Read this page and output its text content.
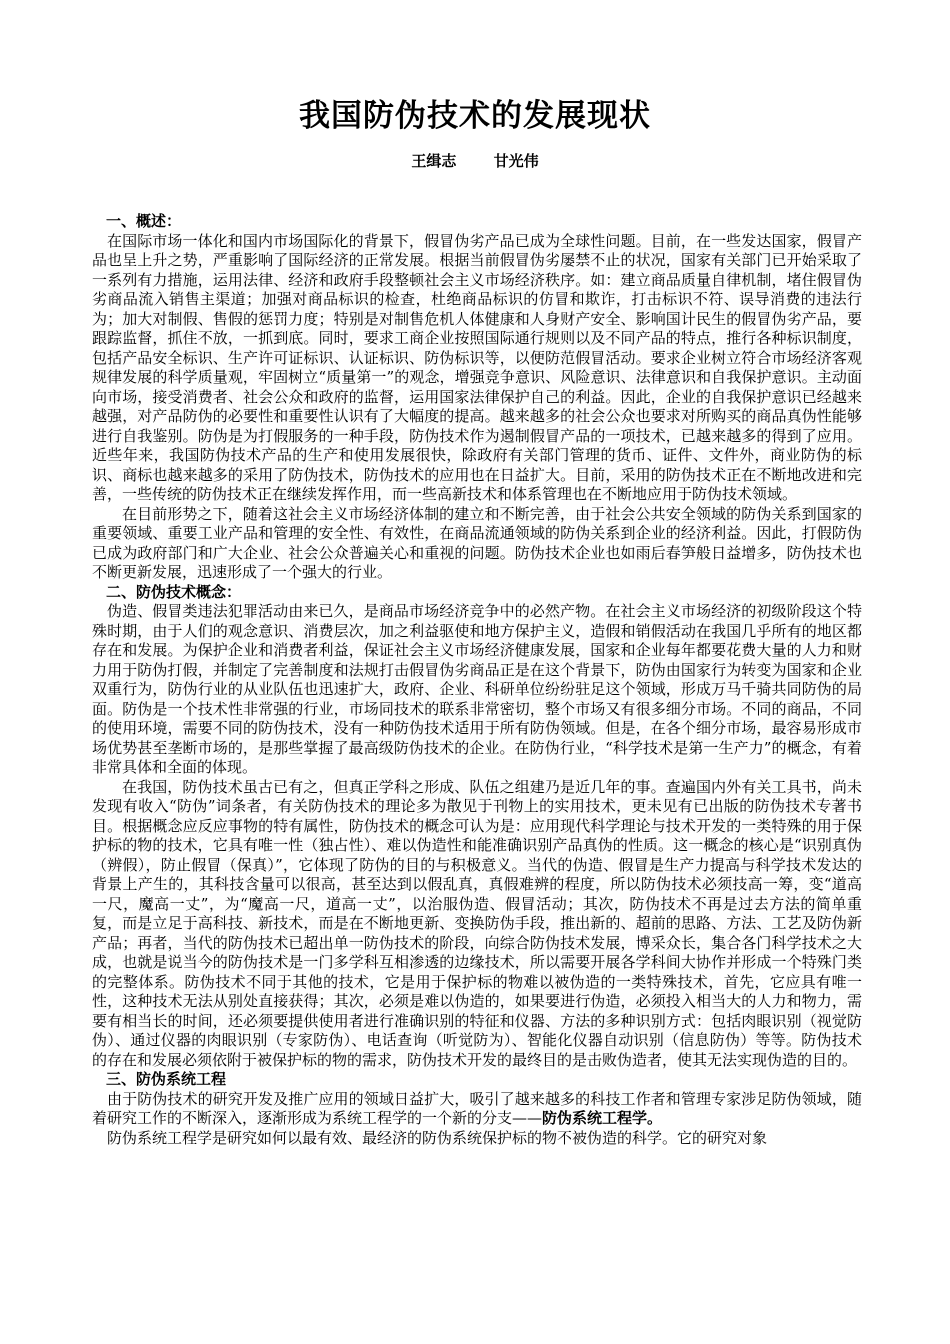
我国防伪技术的发展现状
王缉志 甘光伟
一、概述：

在国际市场一体化和国内市场国际化的背景下，假冒伪劣产品已成为全球性问题。目前，在一些发达国家，假冒产品也呈上升之势，严重影响了国际经济的正常发展。根据当前假冒伪劣屡禁不止的状况，国家有关部门已开始采取了一系列有力措施，运用法律、经济和政府手段整顿社会主义市场经济秩序。如：建立商品质量自律机制，堵住假冒伪劣商品流入销售主渠道；加强对商品标识的检查，杜绝商品标识的仿冒和欺诈，打击标识不符、误导消费的违法行为；加大对制假、售假的惩罚力度；特别是对制售危机人体健康和人身财产安全、影响国计民生的假冒伪劣产品，要跟踪监督，抓住不放，一抓到底。同时，要求工商企业按照国际通行规则以及不同产品的特点，推行各种标识制度，包括产品安全标识、生产许可证标识、认证标识、防伪标识等，以便防范假冒活动。要求企业树立符合市场经济客观规律发展的科学质量观，牢固树立“质量第一”的观念，增强竞争意识、风险意识、法律意识和自我保护意识。主动面向市场，接受消费者、社会公众和政府的监督，运用国家法律保护自己的利益。因此，企业的自我保护意识已经越来越强，对产品防伪的必要性和重要性认识有了大幅度的提高。越来越多的社会公众也要求对所购买的商品真伪性能够进行自我鉴别。防伪是为打假服务的一种手段，防伪技术作为遏制假冒产品的一项技术，已越来越多的得到了应用。近些年来，我国防伪技术产品的生产和使用发展很快，除政府有关部门管理的货币、证件、文件外，商业防伪的标识、商标也越来越多的采用了防伪技术，防伪技术的应用也在日益扩大。目前，采用的防伪技术正在不断地改进和完善，一些传统的防伪技术正在继续发挥作用，而一些高新技术和体系管理也在不断地应用于防伪技术领域。

在目前形势之下，随着这社会主义市场经济体制的建立和不断完善，由于社会公共安全领域的防伪关系到国家的重要领域、重要工业产品和管理的安全性、有效性，在商品流通领域的防伪关系到企业的经济利益。因此，打假防伪已成为政府部门和广大企业、社会公众普遍关心和重视的问题。防伪技术企业也如雨后春笋般日益增多，防伪技术也不断更新发展，迅速形成了一个强大的行业。

二、防伪技术概念：

伪造、假冒类违法犯罪活动由来已久，是商品市场经济竞争中的必然产物。在社会主义市场经济的初级阶段这个特殊时期，由于人们的观念意识、消费层次，加之利益驱使和地方保护主义，造假和销假活动在我国几乎所有的地区都存在和发展。为保护企业和消费者利益，保证社会主义市场经济健康发展，国家和企业每年都要花费大量的人力和财力用于防伪打假，并制定了完善制度和法规打击假冒伪劣商品正是在这个背景下，防伪由国家行为转变为国家和企业双重行为，防伪行业的从业队伍也迅速扩大，政府、企业、科研单位纷纷驻足这个领域，形成万马千骑共同防伪的局面。防伪是一个技术性非常强的行业，市场同技术的联系非常密切，整个市场又有很多细分市场。不同的商品，不同的使用环境，需要不同的防伪技术，没有一种防伪技术适用于所有防伪领域。但是，在各个细分市场，最容易形成市场优势甚至垄断市场的，是那些掌握了最高级防伪技术的企业。在防伪行业，“科学技术是第一生产力”的概念，有着非常具体和全面的体现。

在我国，防伪技术虽古已有之，但真正学科之形成、队伍之组建乃是近几年的事。查遍国内外有关工具书，尚未发现有收入“防伪”词条者，有关防伪技术的理论多为散见于刊物上的实用技术，更未见有已出版的防伪技术专著书目。根据概念应反应事物的特有属性，防伪技术的概念可认为是：应用现代科学理论与技术开发的一类特殊的用于保护标的物的技术，它具有唯一性（独占性）、难以伪造性和能准确识别产品真伪的性质。这一概念的核心是“识别真伪（辨假），防止假冒（保真）”，它体现了防伪的目的与积极意义。当代的伪造、假冒是生产力提高与科学技术发达的背景上产生的，其科技含量可以很高，甚至达到以假乱真，真假难辨的程度，所以防伪技术必须技高一筹，变“道高一尺，魔高一丈”，为“魔高一尺，道高一丈”，以治服伪造、假冒活动；其次，防伪技术不再是过去方法的简单重复，而是立足于高科技、新技术，而是在不断地更新、变换防伪手段，推出新的、超前的思路、方法、工艺及防伪新产品；再者，当代的防伪技术已超出单一防伪技术的阶段，向综合防伪技术发展，博采众长，集合各门科学技术之大成，也就是说当今的防伪技术是一门多学科互相渗透的边缘技术，所以需要开展各学科间大协作并形成一个特殊门类的完整体系。防伪技术不同于其他的技术，它是用于保护标的物难以被伪造的一类特殊技术，首先，它应具有唯一性，这种技术无法从别处直接获得；其次，必须是难以伪造的，如果要进行伪造，必须投入相当大的人力和物力，需要有相当长的时间，还必须要提供使用者进行准确识别的特征和仪器、方法的多种识别方式：包括肉眼识别（视觉防伪）、通过仪器的肉眼识别（专家防伪）、电话查询（听觉防为）、智能化仪器自动识别（信息防伪）等等。防伪技术的存在和发展必须依附于被保护标的物的需求，防伪技术开发的最终目的是击败伪造者，使其无法实现伪造的目的。

三、防伪系统工程

由于防伪技术的研究开发及推广应用的领域日益扩大，吸引了越来越多的科技工作者和管理专家涉足防伪领域，随着研究工作的不断深入，逐渐形成为系统工程学的一个新的分支——防伪系统工程学。

防伪系统工程学是研究如何以最有效、最经济的防伪系统保护标的物不被伪造的科学。它的研究对象
